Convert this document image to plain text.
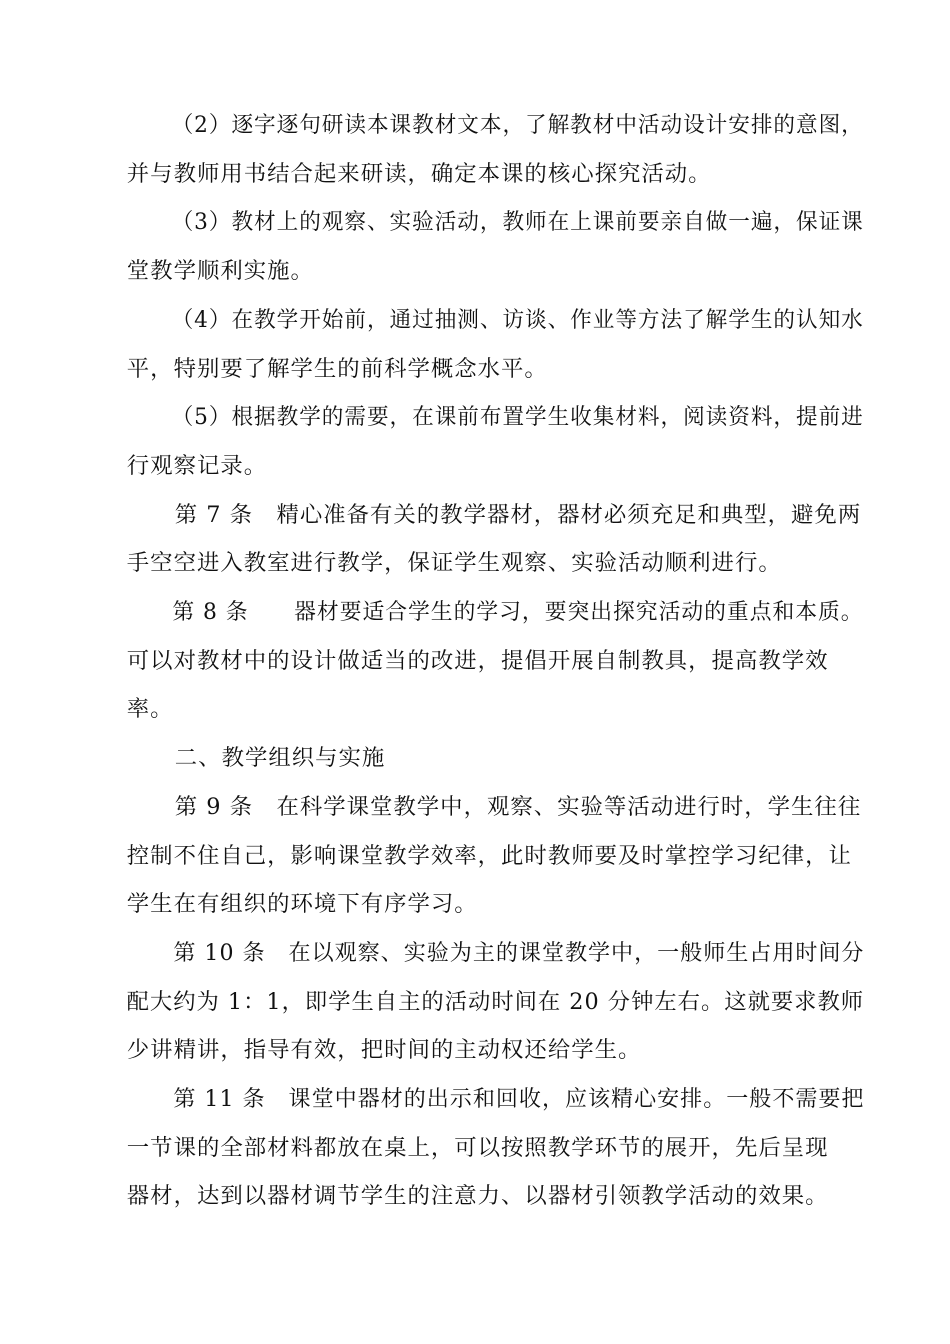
（2）逐字逐句研读本课教材文本，了解教材中活动设计安排的意图，
并与教师用书结合起来研读，确定本课的核心探究活动。
（3）教材上的观察、实验活动，教师在上课前要亲自做一遍，保证课
堂教学顺利实施。
（4）在教学开始前，通过抽测、访谈、作业等方法了解学生的认知水
平，特别要了解学生的前科学概念水平。
（5）根据教学的需要，在课前布置学生收集材料，阅读资料，提前进
行观察记录。
第 7 条　精心准备有关的教学器材，器材必须充足和典型，避免两
手空空进入教室进行教学，保证学生观察、实验活动顺利进行。
第 8 条　　器材要适合学生的学习，要突出探究活动的重点和本质。
可以对教材中的设计做适当的改进，提倡开展自制教具，提高教学效
率。
二、教学组织与实施
第 9 条　在科学课堂教学中，观察、实验等活动进行时，学生往往
控制不住自己，影响课堂教学效率，此时教师要及时掌控学习纪律，让
学生在有组织的环境下有序学习。
第 10 条　在以观察、实验为主的课堂教学中，一般师生占用时间分
配大约为 1：1，即学生自主的活动时间在 20 分钟左右。这就要求教师
少讲精讲，指导有效，把时间的主动权还给学生。
第 11 条　课堂中器材的出示和回收，应该精心安排。一般不需要把
一节课的全部材料都放在桌上，可以按照教学环节的展开，先后呈现
器材，达到以器材调节学生的注意力、以器材引领教学活动的效果。
